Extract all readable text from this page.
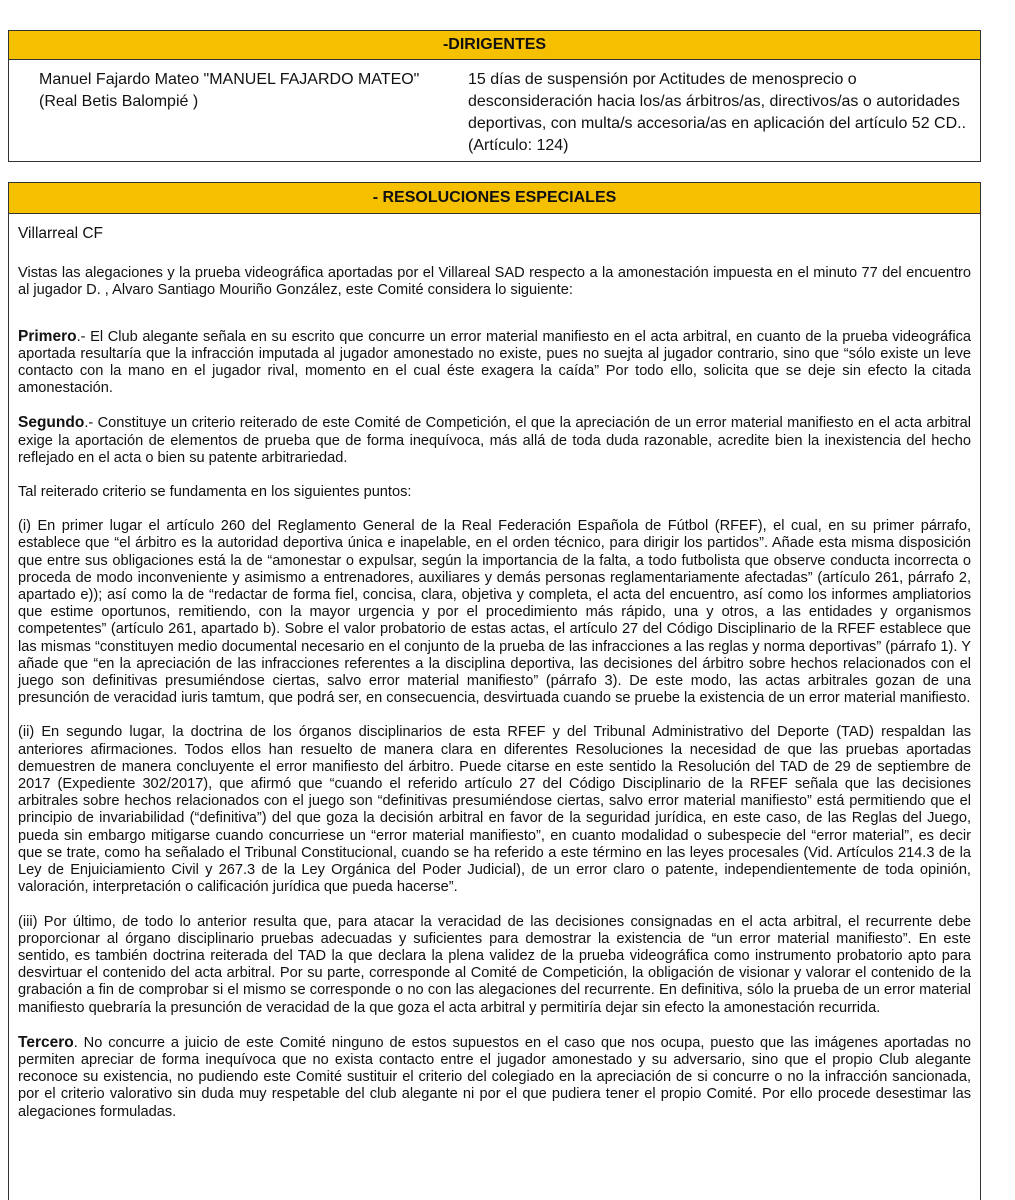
-DIRIGENTES
Manuel Fajardo Mateo "MANUEL FAJARDO MATEO"
(Real Betis Balompié )
15 días de suspensión por Actitudes de menosprecio o desconsideración hacia los/as árbitros/as, directivos/as o autoridades deportivas, con multa/s accesoria/as en aplicación del artículo 52 CD.. (Artículo: 124)
- RESOLUCIONES ESPECIALES

Villarreal CF

Vistas las alegaciones y la prueba videográfica aportadas por el Villareal SAD respecto a la amonestación impuesta en el minuto 77 del encuentro al jugador D. , Alvaro Santiago Mouriño González, este Comité considera lo siguiente:

Primero.- El Club alegante señala en su escrito que concurre un error material manifiesto en el acta arbitral, en cuanto de la prueba videográfica aportada resultaría que la infracción imputada al jugador amonestado no existe, pues no suejta al jugador contrario, sino que “sólo existe un leve contacto con la mano en el jugador rival, momento en el cual éste exagera la caída” Por todo ello, solicita que se deje sin efecto la citada amonestación.

Segundo.- Constituye un criterio reiterado de este Comité de Competición, el que la apreciación de un error material manifiesto en el acta arbitral exige la aportación de elementos de prueba que de forma inequívoca, más allá de toda duda razonable, acredite bien la inexistencia del hecho reflejado en el acta o bien su patente arbitrariedad.

Tal reiterado criterio se fundamenta en los siguientes puntos:

(i) En primer lugar el artículo 260 del Reglamento General de la Real Federación Española de Fútbol (RFEF), el cual, en su primer párrafo, establece que “el árbitro es la autoridad deportiva única e inapelable, en el orden técnico, para dirigir los partidos”. Añade esta misma disposición que entre sus obligaciones está la de “amonestar o expulsar, según la importancia de la falta, a todo futbolista que observe conducta incorrecta o proceda de modo inconveniente y asimismo a entrenadores, auxiliares y demás personas reglamentariamente afectadas” (artículo 261, párrafo 2, apartado e)); así como la de “redactar de forma fiel, concisa, clara, objetiva y completa, el acta del encuentro, así como los informes ampliatorios que estime oportunos, remitiendo, con la mayor urgencia y por el procedimiento más rápido, una y otros, a las entidades y organismos competentes” (artículo 261, apartado b). Sobre el valor probatorio de estas actas, el artículo 27 del Código Disciplinario de la RFEF establece que las mismas “constituyen medio documental necesario en el conjunto de la prueba de las infracciones a las reglas y norma deportivas” (párrafo 1). Y añade que “en la apreciación de las infracciones referentes a la disciplina deportiva, las decisiones del árbitro sobre hechos relacionados con el juego son definitivas presumiéndose ciertas, salvo error material manifiesto” (párrafo 3). De este modo, las actas arbitrales gozan de una presunción de veracidad iuris tamtum, que podrá ser, en consecuencia, desvirtuada cuando se pruebe la existencia de un error material manifiesto.

(ii) En segundo lugar, la doctrina de los órganos disciplinarios de esta RFEF y del Tribunal Administrativo del Deporte (TAD) respaldan las anteriores afirmaciones. Todos ellos han resuelto de manera clara en diferentes Resoluciones la necesidad de que las pruebas aportadas demuestren de manera concluyente el error manifiesto del árbitro. Puede citarse en este sentido la Resolución del TAD de 29 de septiembre de 2017 (Expediente 302/2017), que afirmó que “cuando el referido artículo 27 del Código Disciplinario de la RFEF señala que las decisiones arbitrales sobre hechos relacionados con el juego son “definitivas presumiéndose ciertas, salvo error material manifiesto” está permitiendo que el principio de invariabilidad (“definitiva”) del que goza la decisión arbitral en favor de la seguridad jurídica, en este caso, de las Reglas del Juego, pueda sin embargo mitigarse cuando concurriese un “error material manifiesto”, en cuanto modalidad o subespecie del “error material”, es decir que se trate, como ha señalado el Tribunal Constitucional, cuando se ha referido a este término en las leyes procesales (Vid. Artículos 214.3 de la Ley de Enjuiciamiento Civil y 267.3 de la Ley Orgánica del Poder Judicial), de un error claro o patente, independientemente de toda opinión, valoración, interpretación o calificación jurídica que pueda hacerse”.

(iii) Por último, de todo lo anterior resulta que, para atacar la veracidad de las decisiones consignadas en el acta arbitral, el recurrente debe proporcionar al órgano disciplinario pruebas adecuadas y suficientes para demostrar la existencia de “un error material manifiesto”. En este sentido, es también doctrina reiterada del TAD la que declara la plena validez de la prueba videográfica como instrumento probatorio apto para desvirtuar el contenido del acta arbitral. Por su parte, corresponde al Comité de Competición, la obligación de visionar y valorar el contenido de la grabación a fin de comprobar si el mismo se corresponde o no con las alegaciones del recurrente. En definitiva, sólo la prueba de un error material manifiesto quebraría la presunción de veracidad de la que goza el acta arbitral y permitiría dejar sin efecto la amonestación recurrida.

Tercero. No concurre a juicio de este Comité ninguno de estos supuestos en el caso que nos ocupa, puesto que las imágenes aportadas no permiten apreciar de forma inequívoca que no exista contacto entre el jugador amonestado y su adversario, sino que el propio Club alegante reconoce su existencia, no pudiendo este Comité sustituir el criterio del colegiado en la apreciación de si concurre o no la infracción sancionada, por el criterio valorativo sin duda muy respetable del club alegante ni por el que pudiera tener el propio Comité. Por ello procede desestimar las alegaciones formuladas.
